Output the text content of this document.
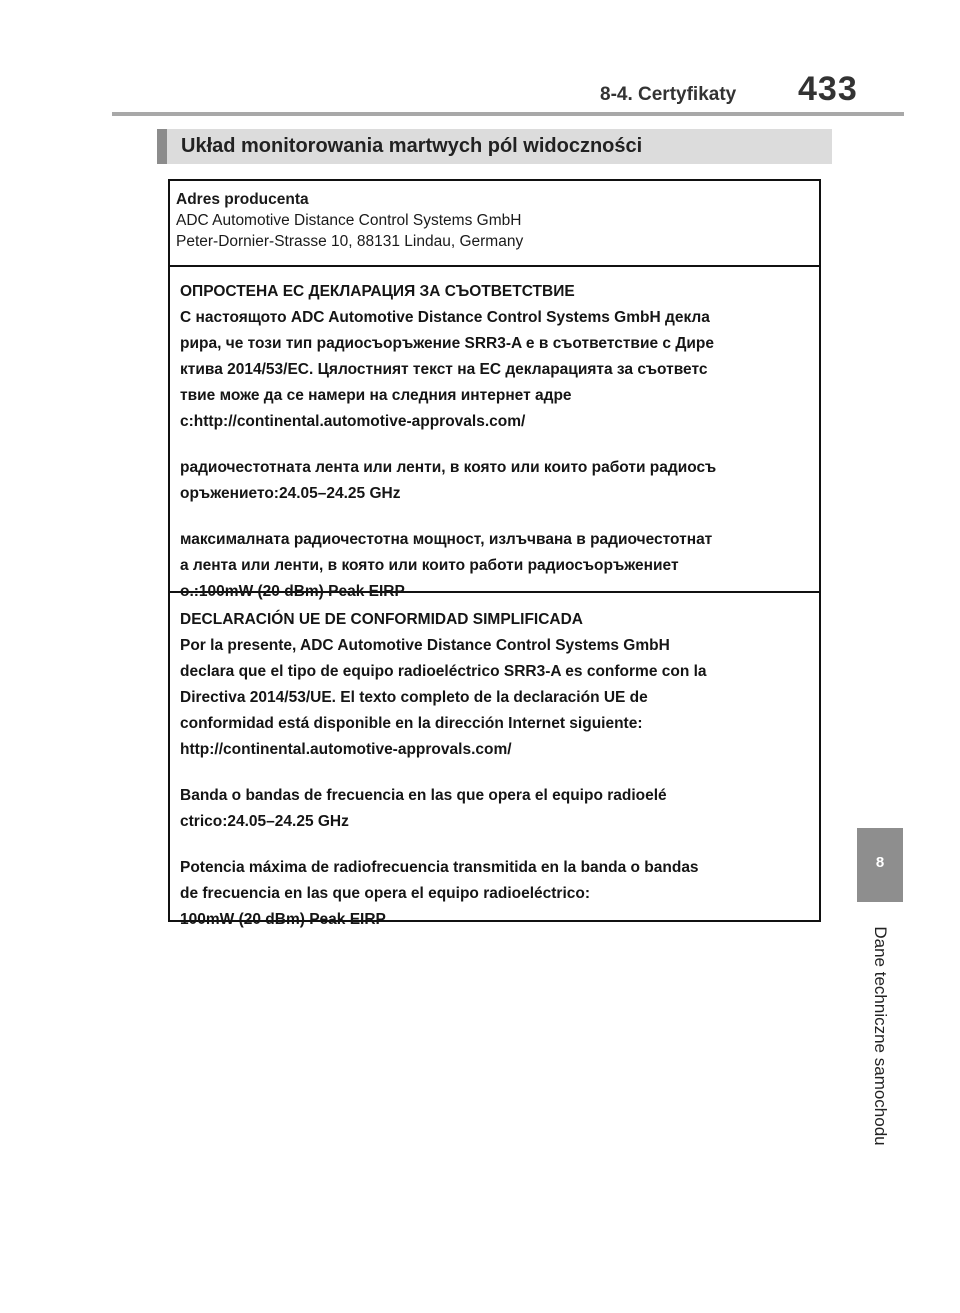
8-4. Certyfikaty 433
8
Dane techniczne samochodu
Układ monitorowania martwych pól widoczności
Adres producenta
ADC Automotive Distance Control Systems GmbH
Peter-Dornier-Strasse 10, 88131 Lindau, Germany
ОПРОСТЕНА ЕС ДЕКЛАРАЦИЯ ЗА СЪОТВЕТСТВИЕ
С настоящото ADC Automotive Distance Control Systems GmbH декла
рира, че този тип радиосъоръжение SRR3-A е в съответствие с Дире
ктива 2014/53/ЕС. Цялостният текст на ЕС декларацията за съответс
твие може да се намери на следния интернет адре
с:http://continental.automotive-approvals.com/
радиочестотната лента или ленти, в която или които работи радиосъ
оръжението:24.05–24.25 GHz
максималната радиочестотна мощност, излъчвана в радиочестотнат
а лента или ленти, в която или които работи радиосъоръжениет
о.:100mW (20 dBm) Peak EIRP
DECLARACIÓN UE DE CONFORMIDAD SIMPLIFICADA
Por la presente, ADC Automotive Distance Control Systems GmbH
declara que el tipo de equipo radioeléctrico SRR3-A es conforme con la
Directiva 2014/53/UE. El texto completo de la declaración UE de
conformidad está disponible en la dirección Internet siguiente:
http://continental.automotive-approvals.com/
Banda o bandas de frecuencia en las que opera el equipo radioelé
ctrico:24.05–24.25 GHz
Potencia máxima de radiofrecuencia transmitida en la banda o bandas
de frecuencia en las que opera el equipo radioeléctrico:
100mW (20 dBm) Peak EIRP
